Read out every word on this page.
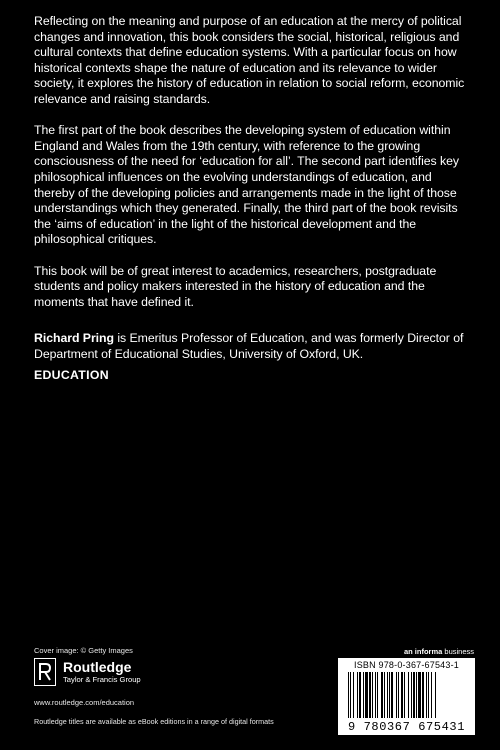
Reflecting on the meaning and purpose of an education at the mercy of political changes and innovation, this book considers the social, historical, religious and cultural contexts that define education systems. With a particular focus on how historical contexts shape the nature of education and its relevance to wider society, it explores the history of education in relation to social reform, economic relevance and raising standards.

The first part of the book describes the developing system of education within England and Wales from the 19th century, with reference to the growing consciousness of the need for ‘education for all’. The second part identifies key philosophical influences on the evolving understandings of education, and thereby of the developing policies and arrangements made in the light of those understandings which they generated. Finally, the third part of the book revisits the ‘aims of education’ in the light of the historical development and the philosophical critiques.

This book will be of great interest to academics, researchers, postgraduate students and policy makers interested in the history of education and the moments that have defined it.

Richard Pring is Emeritus Professor of Education, and was formerly Director of Department of Educational Studies, University of Oxford, UK.
EDUCATION
Cover image: © Getty Images	an informa business
Routledge
Taylor & Francis Group
www.routledge.com/education
Routledge titles are available as eBook editions in a range of digital formats
ISBN 978-0-367-67543-1
9 780367 675431
